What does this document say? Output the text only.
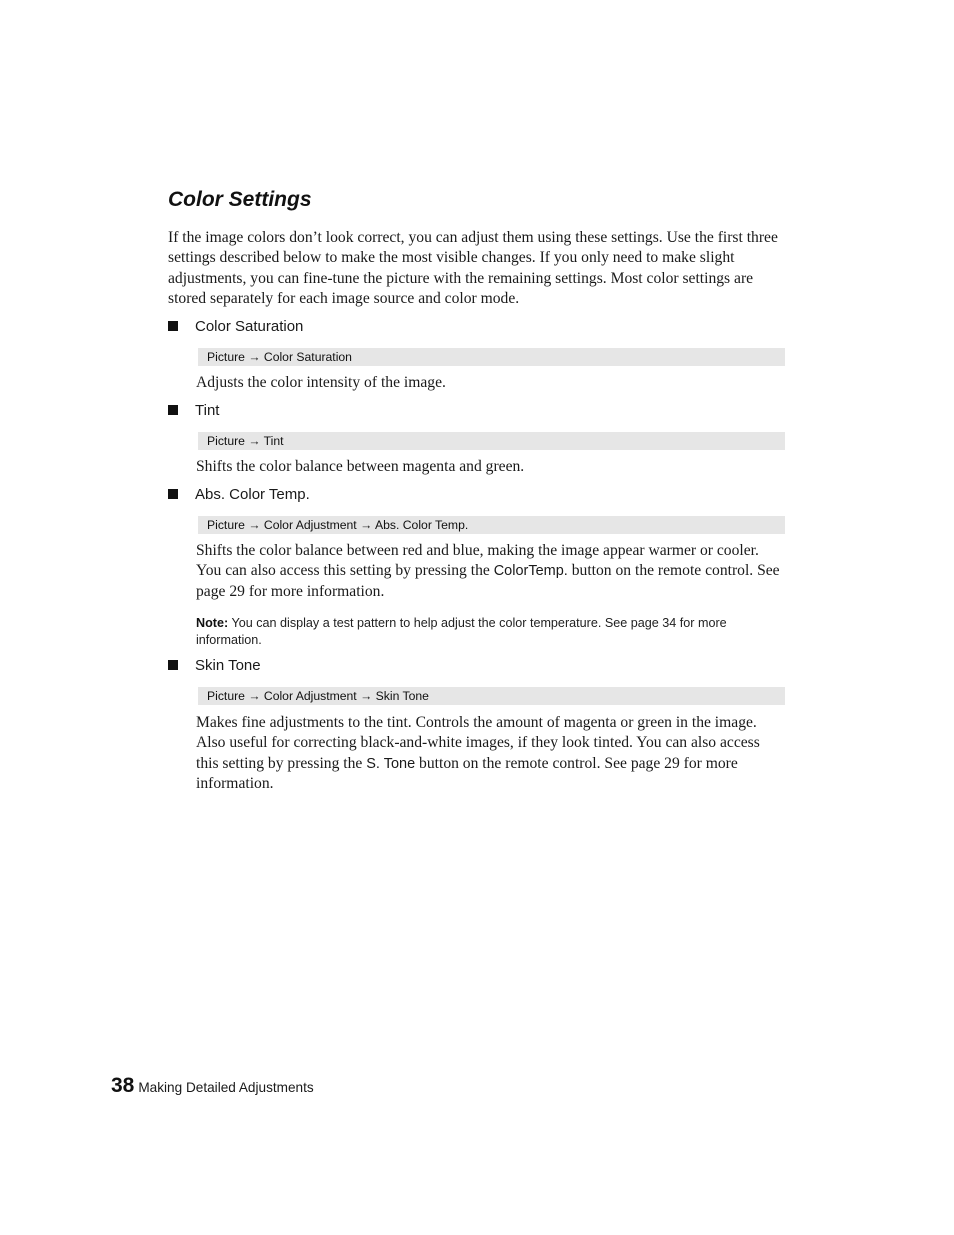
Color Settings

If the image colors don’t look correct, you can adjust them using these settings. Use the first three settings described below to make the most visible changes. If you only need to make slight adjustments, you can fine-tune the picture with the remaining settings. Most color settings are stored separately for each image source and color mode.

Color Saturation
Picture → Color Saturation

Adjusts the color intensity of the image.

Tint
Picture → Tint

Shifts the color balance between magenta and green.

Abs. Color Temp.
Picture → Color Adjustment → Abs. Color Temp.

Shifts the color balance between red and blue, making the image appear warmer or cooler. You can also access this setting by pressing the ColorTemp. button on the remote control. See page 29 for more information.

Note: You can display a test pattern to help adjust the color temperature. See page 34 for more information.

Skin Tone
Picture → Color Adjustment → Skin Tone

Makes fine adjustments to the tint. Controls the amount of magenta or green in the image. Also useful for correcting black-and-white images, if they look tinted. You can also access this setting by pressing the S. Tone button on the remote control. See page 29 for more information.

38 Making Detailed Adjustments
